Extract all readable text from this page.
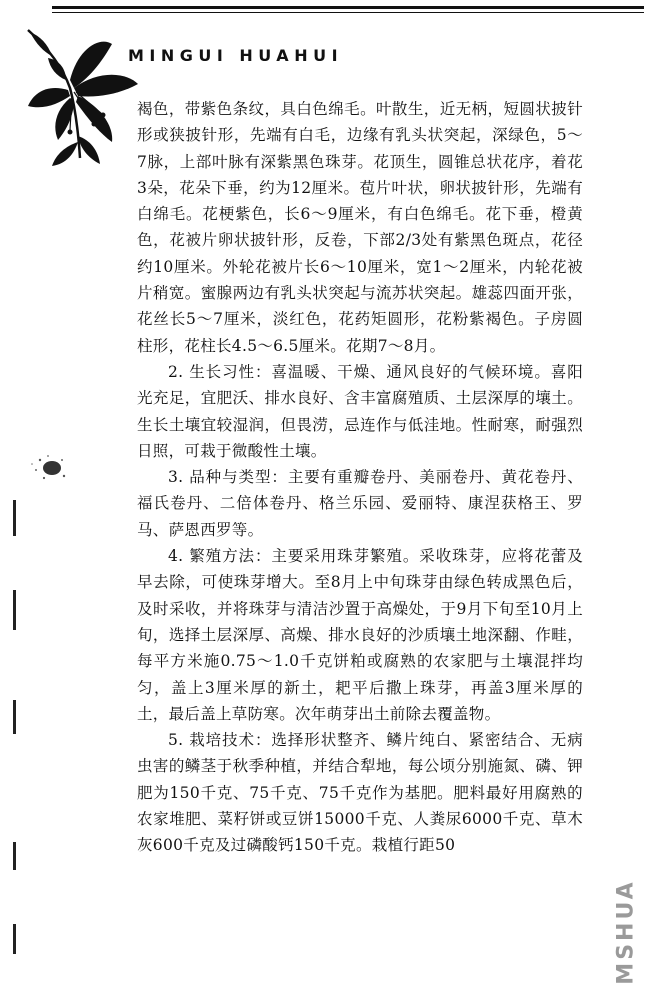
MINGUI HUAHUI

褐色，带紫色条纹，具白色绵毛。叶散生，近无柄，短圆状披针形或狭披针形，先端有白毛，边缘有乳头状突起，深绿色，5～7脉，上部叶脉有深紫黑色珠芽。花顶生，圆锥总状花序，着花3朵，花朵下垂，约为12厘米。苞片叶状，卵状披针形，先端有白绵毛。花梗紫色，长6～9厘米，有白色绵毛。花下垂，橙黄色，花被片卵状披针形，反卷，下部2/3处有紫黑色斑点，花径约10厘米。外轮花被片长6～10厘米，宽1～2厘米，内轮花被片稍宽。蜜腺两边有乳头状突起与流苏状突起。雄蕊四面开张，花丝长5～7厘米，淡红色，花药矩圆形，花粉紫褐色。子房圆柱形，花柱长4.5～6.5厘米。花期7～8月。

2. 生长习性：喜温暖、干燥、通风良好的气候环境。喜阳光充足，宜肥沃、排水良好、含丰富腐殖质、土层深厚的壤土。生长土壤宜较湿润，但畏涝，忌连作与低洼地。性耐寒，耐强烈日照，可栽于微酸性土壤。

3. 品种与类型：主要有重瓣卷丹、美丽卷丹、黄花卷丹、福氏卷丹、二倍体卷丹、格兰乐园、爱丽特、康涅获格王、罗马、萨恩西罗等。

4. 繁殖方法：主要采用珠芽繁殖。采收珠芽，应将花蕾及早去除，可使珠芽增大。至8月上中旬珠芽由绿色转成黑色后，及时采收，并将珠芽与清洁沙置于高燥处，于9月下旬至10月上旬，选择土层深厚、高燥、排水良好的沙质壤土地深翻、作畦，每平方米施0.75～1.0千克饼粕或腐熟的农家肥与土壤混拌均匀，盖上3厘米厚的新土，耙平后撒上珠芽，再盖3厘米厚的土，最后盖上草防寒。次年萌芽出土前除去覆盖物。

5. 栽培技术：选择形状整齐、鳞片纯白、紧密结合、无病虫害的鳞茎于秋季种植，并结合犁地，每公顷分别施氮、磷、钾肥为150千克、75千克、75千克作为基肥。肥料最好用腐熟的农家堆肥、菜籽饼或豆饼15000千克、人粪尿6000千克、草木灰600千克及过磷酸钙150千克。栽植行距50

MSHUA
